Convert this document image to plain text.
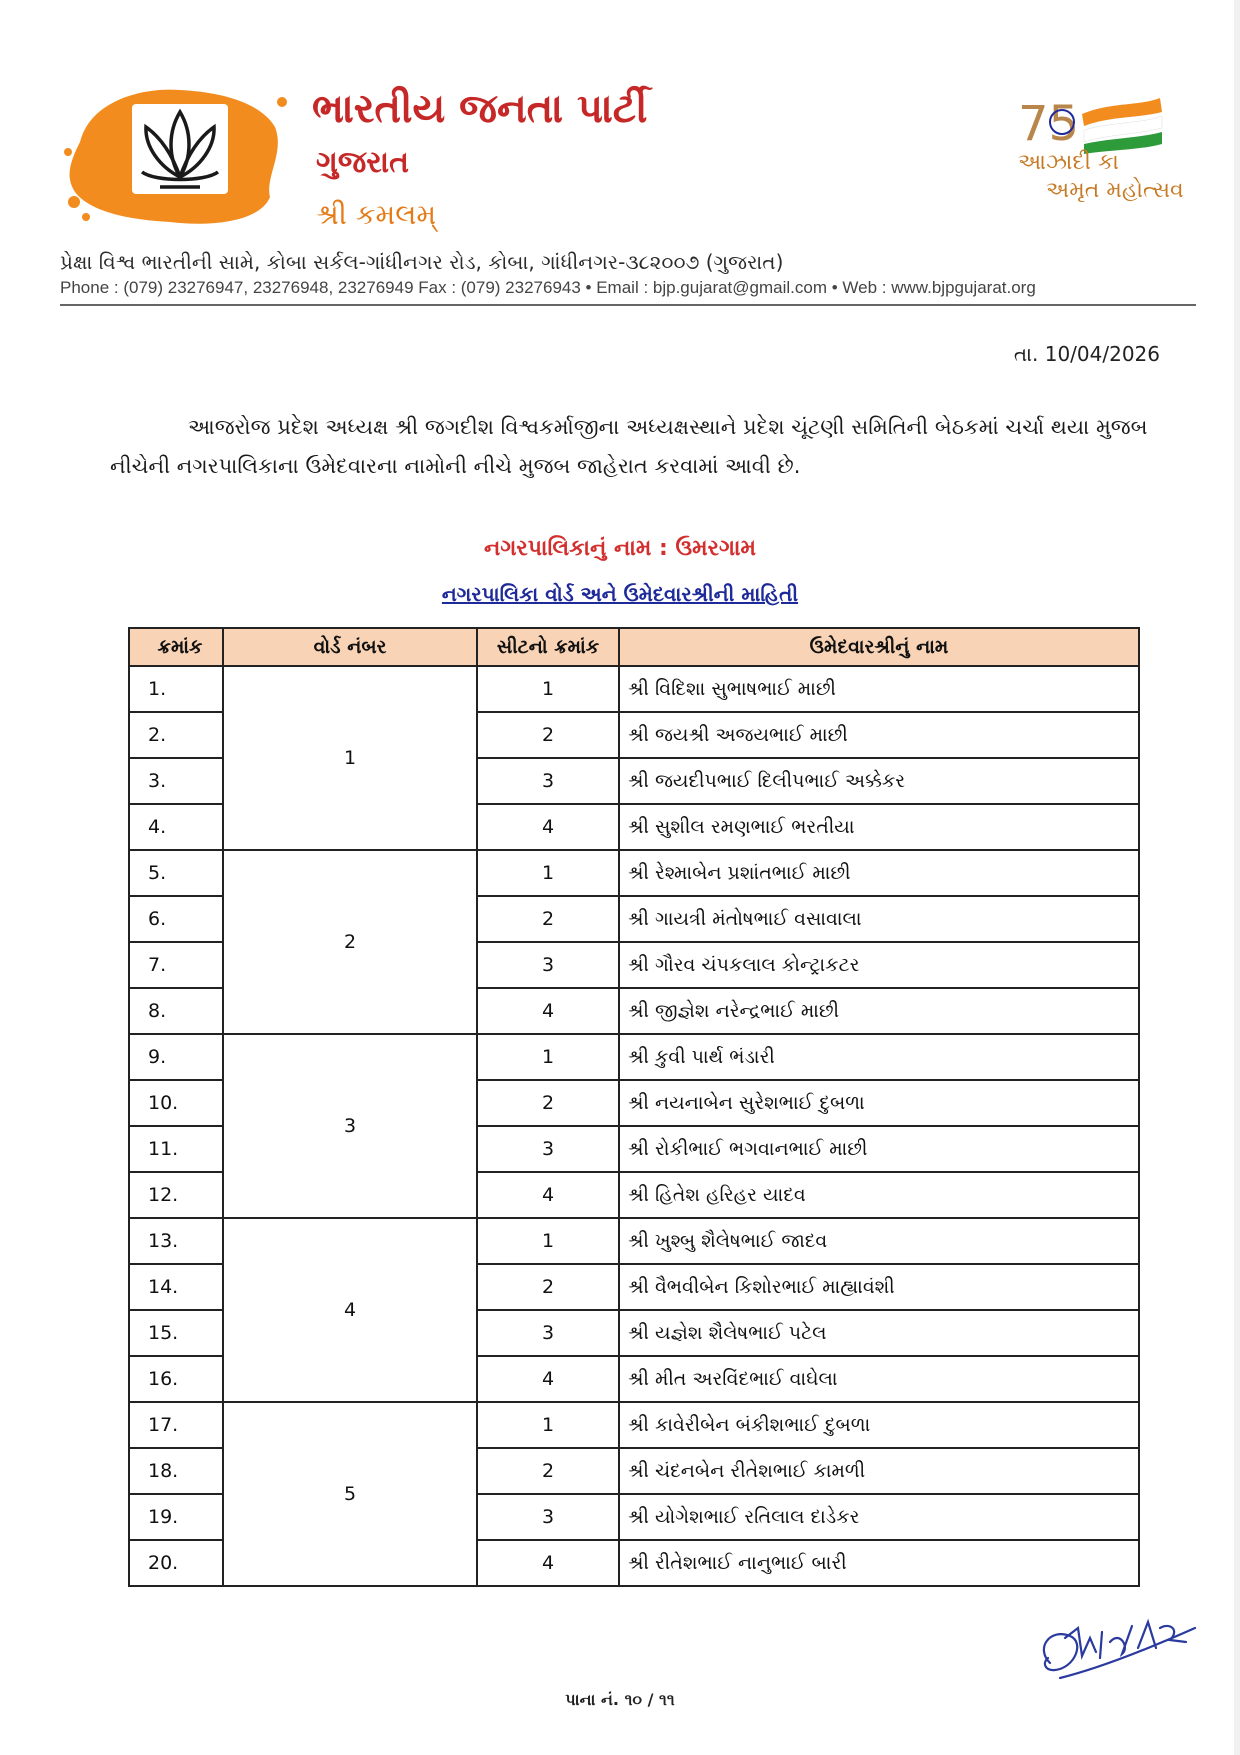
ભારતીય જનતા પાર્ટી
ગુજરાત
શ્રી કમલમ્
75
આઝાદી કા
અમૃત મહોત્સવ
પ્રેક્ષા વિશ્વ ભારતીની સામે, કોબા સર્કલ-ગાંધીનગર રોડ, કોબા, ગાંધીનગર-૩૮૨૦૦૭ (ગુજરાત)
Phone : (079) 23276947, 23276948, 23276949 Fax : (079) 23276943 • Email : bjp.gujarat@gmail.com • Web : www.bjpgujarat.org
તા. 10/04/2026
આજરોજ પ્રદેશ અધ્યક્ષ શ્રી જગદીશ વિશ્વકર્માજીના અધ્યક્ષસ્થાને પ્રદેશ ચૂંટણી સમિતિની બેઠકમાં ચર્ચા થયા મુજબ નીચેની નગરપાલિકાના ઉમેદવારના નામોની નીચે મુજબ જાહેરાત કરવામાં આવી છે.
નગરપાલિકાનું નામ : ઉમરગામ
નગરપાલિકા વોર્ડ અને ઉમેદવારશ્રીની માહિતી
ક્રમાંક	વોર્ડ નંબર	સીટનો ક્રમાંક	ઉમેદવારશ્રીનું નામ
1.	1	1	શ્રી વિદિશા સુભાષભાઈ માછી
2.		2	શ્રી જયશ્રી અજયભાઈ માછી
3.		3	શ્રી જયદીપભાઈ દિલીપભાઈ અક્કેકર
4.		4	શ્રી સુશીલ રમણભાઈ ભરતીયા
5.	2	1	શ્રી રેશ્માબેન પ્રશાંતભાઈ માછી
6.		2	શ્રી ગાયત્રી મંતોષભાઈ વસાવાલા
7.		3	શ્રી ગૌરવ ચંપકલાલ કોન્ટ્રાકટર
8.		4	શ્રી જીજ્ઞેશ નરેન્દ્રભાઈ માછી
9.	3	1	શ્રી કુવી પાર્થ ભંડારી
10.		2	શ્રી નયનાબેન સુરેશભાઈ દુબળા
11.		3	શ્રી રોકીભાઈ ભગવાનભાઈ માછી
12.		4	શ્રી હિતેશ હરિહર યાદવ
13.	4	1	શ્રી ખુશ્બુ શૈલેષભાઈ જાદવ
14.		2	શ્રી વૈભવીબેન કિશોરભાઈ માહ્યાવંશી
15.		3	શ્રી યજ્ઞેશ શૈલેષભાઈ પટેલ
16.		4	શ્રી મીત અરવિંદભાઈ વાઘેલા
17.	5	1	શ્રી કાવેરીબેન બંકીશભાઈ દુબળા
18.		2	શ્રી ચંદનબેન રીતેશભાઈ કામળી
19.		3	શ્રી યોગેશભાઈ રતિલાલ દાડેકર
20.		4	શ્રી રીતેશભાઈ નાનુભાઈ બારી
પાના નં. ૧૦ / ૧૧
